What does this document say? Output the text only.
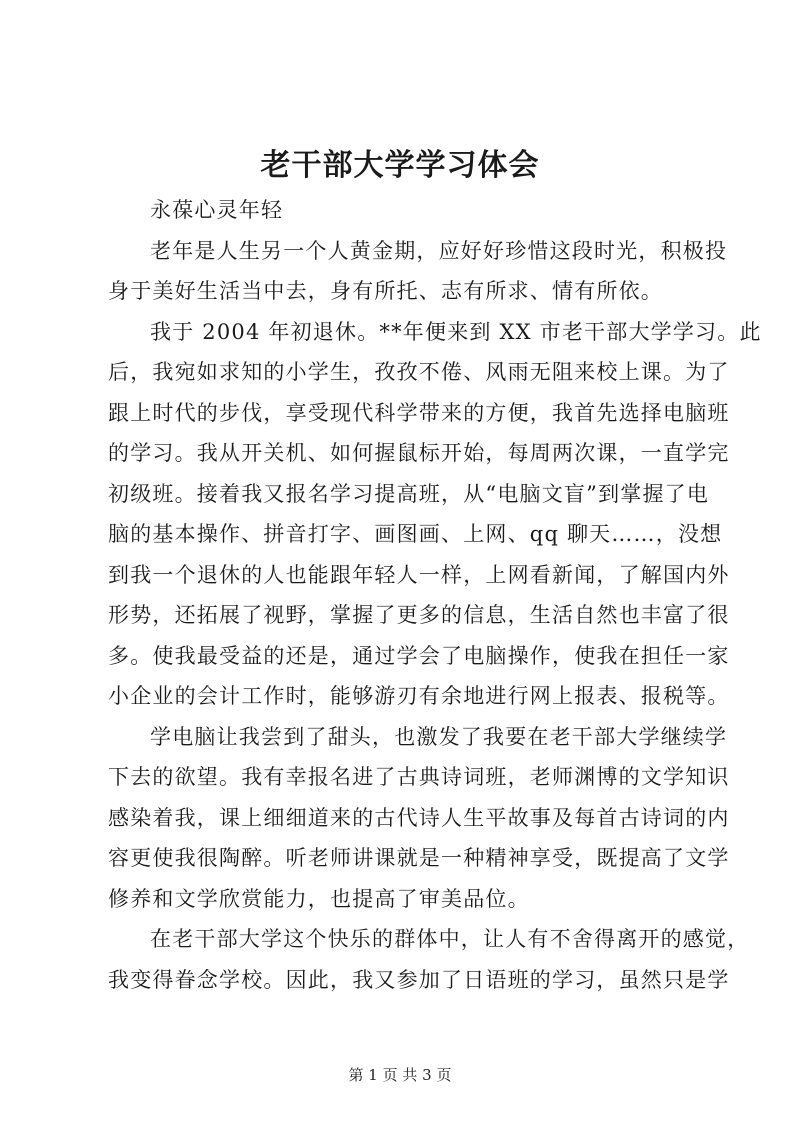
老干部大学学习体会
永葆心灵年轻
老年是人生另一个人黄金期，应好好珍惜这段时光，积极投
身于美好生活当中去，身有所托、志有所求、情有所依。
我于 2004 年初退休。**年便来到 XX 市老干部大学学习。此
后，我宛如求知的小学生，孜孜不倦、风雨无阻来校上课。为了
跟上时代的步伐，享受现代科学带来的方便，我首先选择电脑班
的学习。我从开关机、如何握鼠标开始，每周两次课，一直学完
初级班。接着我又报名学习提高班，从“电脑文盲”到掌握了电
脑的基本操作、拼音打字、画图画、上网、qq 聊天……，没想
到我一个退休的人也能跟年轻人一样，上网看新闻，了解国内外
形势，还拓展了视野，掌握了更多的信息，生活自然也丰富了很
多。使我最受益的还是，通过学会了电脑操作，使我在担任一家
小企业的会计工作时，能够游刃有余地进行网上报表、报税等。
学电脑让我尝到了甜头，也激发了我要在老干部大学继续学
下去的欲望。我有幸报名进了古典诗词班，老师渊博的文学知识
感染着我，课上细细道来的古代诗人生平故事及每首古诗词的内
容更使我很陶醉。听老师讲课就是一种精神享受，既提高了文学
修养和文学欣赏能力，也提高了审美品位。
在老干部大学这个快乐的群体中，让人有不舍得离开的感觉，
我变得眷念学校。因此，我又参加了日语班的学习，虽然只是学
第 1 页 共 3 页
